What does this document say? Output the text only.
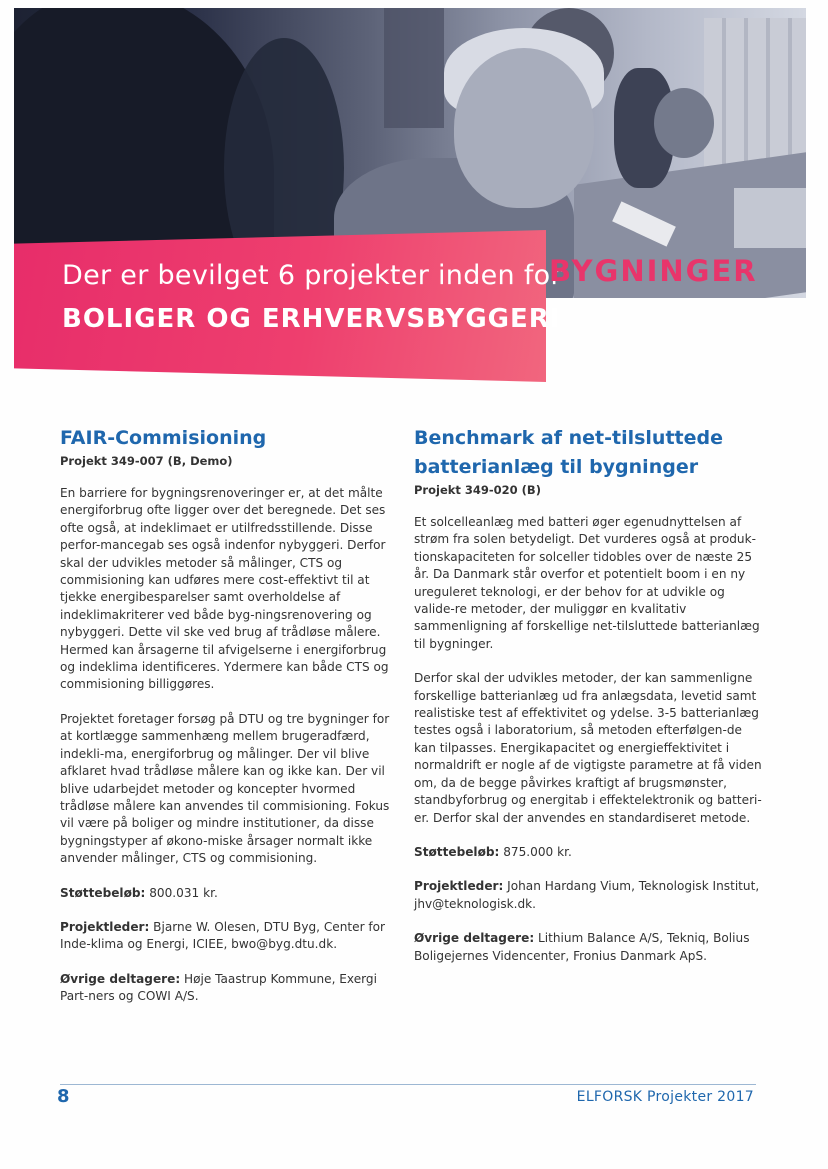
Der er bevilget 6 projekter inden for
BOLIGER OG ERHVERVSBYGGERI
BYGNINGER
FAIR-Commisioning

Projekt 349-007 (B, Demo)

En barriere for bygningsrenoveringer er, at det målte energiforbrug ofte ligger over det beregnede. Det ses ofte også, at indeklimaet er utilfredsstillende. Disse perfor-mancegab ses også indenfor nybyggeri. Derfor skal der udvikles metoder så målinger, CTS og commisioning kan udføres mere cost-effektivt til at tjekke energibesparelser samt overholdelse af indeklimakriterer ved både byg-ningsrenovering og nybyggeri. Dette vil ske ved brug af trådløse målere. Hermed kan årsagerne til afvigelserne i energiforbrug og indeklima identificeres. Ydermere kan både CTS og commisioning billiggøres.

Projektet foretager forsøg på DTU og tre bygninger for at kortlægge sammenhæng mellem brugeradfærd, indekli-ma, energiforbrug og målinger. Der vil blive afklaret hvad trådløse målere kan og ikke kan. Der vil blive udarbejdet metoder og koncepter hvormed trådløse målere kan anvendes til commisioning. Fokus vil være på boliger og mindre institutioner, da disse bygningstyper af økono-miske årsager normalt ikke anvender målinger, CTS og commisioning.

Støttebeløb: 800.031 kr.

Projektleder: Bjarne W. Olesen, DTU Byg, Center for Inde-klima og Energi, ICIEE, bwo@byg.dtu.dk.

Øvrige deltagere: Høje Taastrup Kommune, Exergi Part-ners og COWI A/S.

Benchmark af net-tilsluttede batterianlæg til bygninger

Projekt 349-020 (B)

Et solcelleanlæg med batteri øger egenudnyttelsen af strøm fra solen betydeligt. Det vurderes også at produk-tionskapaciteten for solceller tidobles over de næste 25 år. Da Danmark står overfor et potentielt boom i en ny ureguleret teknologi, er der behov for at udvikle og valide-re metoder, der muliggør en kvalitativ sammenligning af forskellige net-tilsluttede batterianlæg til bygninger.

Derfor skal der udvikles metoder, der kan sammenligne forskellige batterianlæg ud fra anlægsdata, levetid samt realistiske test af effektivitet og ydelse. 3-5 batterianlæg testes også i laboratorium, så metoden efterfølgen-de kan tilpasses. Energikapacitet og energieffektivitet i normaldrift er nogle af de vigtigste parametre at få viden om, da de begge påvirkes kraftigt af brugsmønster, standbyforbrug og energitab i effektelektronik og batteri-er. Derfor skal der anvendes en standardiseret metode.

Støttebeløb: 875.000 kr.

Projektleder: Johan Hardang Vium, Teknologisk Institut, jhv@teknologisk.dk.

Øvrige deltagere: Lithium Balance A/S, Tekniq, Bolius Boligejernes Videncenter, Fronius Danmark ApS.

8	ELFORSK Projekter 2017
